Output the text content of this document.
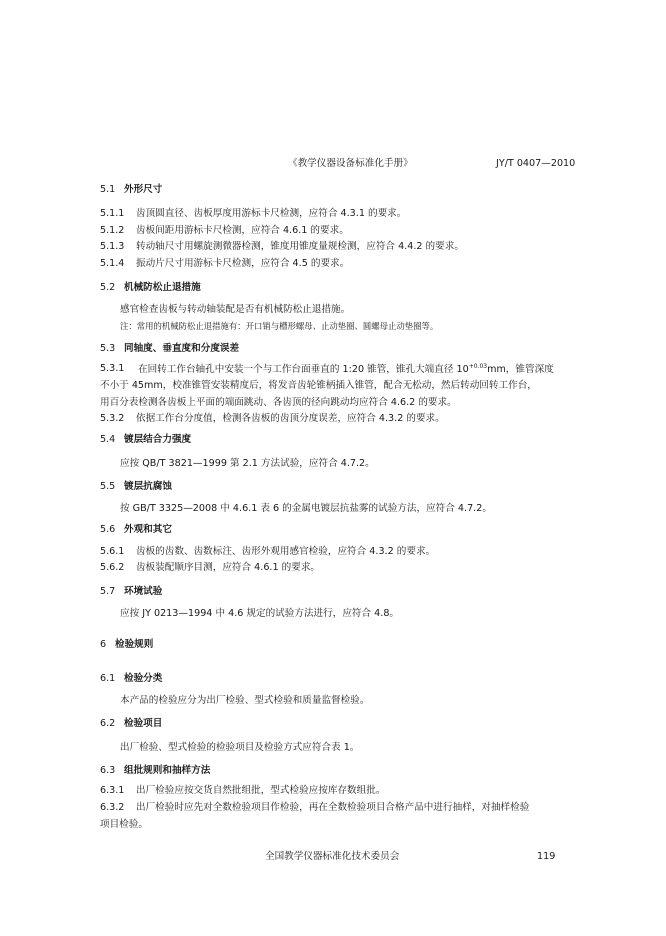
《教学仪器设备标准化手册》	JY/T 0407—2010
5.1 外形尺寸
5.1.1 齿顶圆直径、齿板厚度用游标卡尺检测，应符合 4.3.1 的要求。
5.1.2 齿板间距用游标卡尺检测，应符合 4.6.1 的要求。
5.1.3 转动轴尺寸用螺旋测微器检测，锥度用锥度量规检测，应符合 4.4.2 的要求。
5.1.4 振动片尺寸用游标卡尺检测，应符合 4.5 的要求。
5.2 机械防松止退措施
感官检查齿板与转动轴装配是否有机械防松止退措施。
注：常用的机械防松止退措施有：开口销与槽形螺母、止动垫圈、圆螺母止动垫圈等。
5.3 同轴度、垂直度和分度误差
5.3.1 在回转工作台轴孔中安装一个与工作台面垂直的 1:20 锥管，锥孔大端直径 $10^{+0.03}mm$，锥管深度
不小于 45mm，校准锥管安装精度后，将发音齿轮锥柄插入锥管，配合无松动，然后转动回转工作台，
用百分表检测各齿板上平面的端面跳动、各齿顶的径向跳动均应符合 4.6.2 的要求。
5.3.2 依据工作台分度值，检测各齿板的齿顶分度误差，应符合 4.3.2 的要求。
5.4 镀层结合力强度
应按 QB/T 3821—1999 第 2.1 方法试验，应符合 4.7.2。
5.5 镀层抗腐蚀
按 GB/T 3325—2008 中 4.6.1 表 6 的金属电镀层抗盐雾的试验方法，应符合 4.7.2。
5.6 外观和其它
5.6.1 齿板的齿数、齿数标注、齿形外观用感官检验，应符合 4.3.2 的要求。
5.6.2 齿板装配顺序目测，应符合 4.6.1 的要求。
5.7 环境试验
应按 JY 0213—1994 中 4.6 规定的试验方法进行，应符合 4.8。
6 检验规则
6.1 检验分类
本产品的检验应分为出厂检验、型式检验和质量监督检验。
6.2 检验项目
出厂检验、型式检验的检验项目及检验方式应符合表 1。
6.3 组批规则和抽样方法
6.3.1 出厂检验应按交货自然批组批，型式检验应按库存数组批。
6.3.2 出厂检验时应先对全数检验项目作检验，再在全数检验项目合格产品中进行抽样，对抽样检验
项目检验。
全国教学仪器标准化技术委员会	119
